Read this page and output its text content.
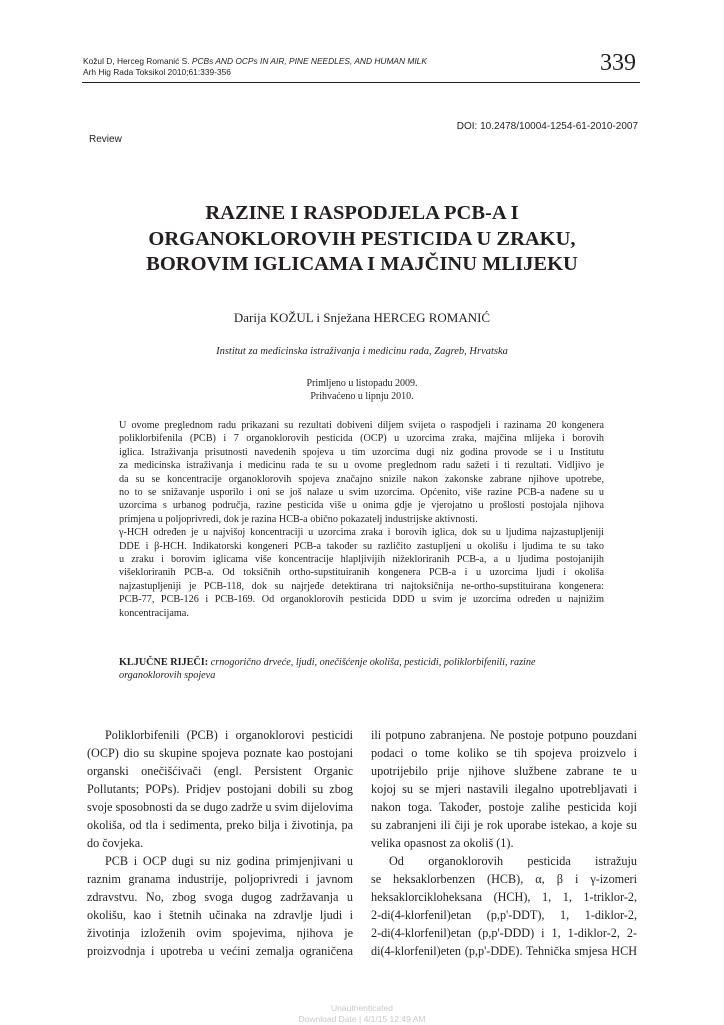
Kožul D, Herceg Romanić S. PCBs AND OCPs IN AIR, PINE NEEDLES, AND HUMAN MILK
Arh Hig Rada Toksikol 2010;61:339-356	339
DOI: 10.2478/10004-1254-61-2010-2007
Review
RAZINE I RASPODJELA PCB-A I
ORGANOKLOROVIH PESTICIDA U ZRAKU,
BOROVIM IGLICAMA I MAJČINU MLIJEKU
Darija KOŽUL i Snježana HERCEG ROMANIĆ
Institut za medicinska istraživanja i medicinu rada, Zagreb, Hrvatska
Primljeno u listopadu 2009.
Prihvaćeno u lipnju 2010.
U ovome preglednom radu prikazani su rezultati dobiveni diljem svijeta o raspodjeli i razinama 20 kongenera
poliklorbifenila (PCB) i 7 organoklorovih pesticida (OCP) u uzorcima zraka, majčina mlijeka i borovih
iglica. Istraživanja prisutnosti navedenih spojeva u tim uzorcima dugi niz godina provode se i u Institutu
za medicinska istraživanja i medicinu rada te su u ovome preglednom radu sažeti i ti rezultati. Vidljivo je
da su se koncentracije organoklorovih spojeva značajno snizile nakon zakonske zabrane njihove upotrebe,
no to se snižavanje usporilo i oni se još nalaze u svim uzorcima. Općenito, više razine PCB-a nađene su u
uzorcima s urbanog područja, razine pesticida više u onima gdje je vjerojatno u prošlosti postojala njihova
primjena u poljoprivredi, dok je razina HCB-a obično pokazatelj industrijske aktivnosti.
γ-HCH određen je u najvišoj koncentraciji u uzorcima zraka i borovih iglica, dok su u ljudima najzastupljeniji
DDE i β-HCH. Indikatorski kongeneri PCB-a također su različito zastupljeni u okolišu i ljudima te su tako
u zraku i borovim iglicama više koncentracije hlapljivijih nižekloriranih PCB-a, a u ljudima postojanijih
višekloriranih PCB-a. Od toksičnih ortho-supstituiranih kongenera PCB-a i u uzorcima ljudi i okoliša
najzastupljeniji je PCB-118, dok su najrjeđe detektirana tri najtoksičnija ne-ortho-supstituirana kongenera:
PCB-77, PCB-126 i PCB-169. Od organoklorovih pesticida DDD u svim je uzorcima određen u najnižim
koncentracijama.
KLJUČNE RIJEČI: crnogorično drveće, ljudi, onečišćenje okoliša, pesticidi, poliklorbifenili, razine
organoklorovih spojeva
Poliklorbifenili (PCB) i organoklorovi pesticidi
(OCP) dio su skupine spojeva poznate kao postojani
organski onečišćivači (engl. Persistent Organic
Pollutants; POPs). Pridjev postojani dobili su zbog
svoje sposobnosti da se dugo zadrže u svim dijelovima
okoliša, od tla i sedimenta, preko bilja i životinja, pa
do čovjeka.
PCB i OCP dugi su niz godina primjenjivani u
raznim granama industrije, poljoprivredi i javnom
zdravstvu. No, zbog svoga dugog zadržavanja u
okolišu, kao i štetnih učinaka na zdravlje ljudi i
životinja izloženih ovim spojevima, njihova je
proizvodnja i upotreba u većini zemalja ograničena
ili potpuno zabranjena. Ne postoje potpuno pouzdani
podaci o tome koliko se tih spojeva proizvelo i
upotrijebilo prije njihove službene zabrane te u
kojoj su se mjeri nastavili ilegalno upotrebljavati i
nakon toga. Također, postoje zalihe pesticida koji
su zabranjeni ili čiji je rok uporabe istekao, a koje su
velika opasnost za okoliš (1).
Od organoklorovih pesticida istražuju
se heksaklorbenzen (HCB), α, β i γ-izomeri
heksaklorcikloheksana (HCH), 1, 1, 1-triklor-2,
2-di(4-klorfenil)etan (p,p'-DDT), 1, 1-diklor-2,
2-di(4-klorfenil)etan (p,p'-DDD) i 1, 1-diklor-2, 2-
di(4-klorfenil)eten (p,p'-DDE). Tehnička smjesa HCH
Unauthenticated
Download Date | 4/1/15 12:49 AM
